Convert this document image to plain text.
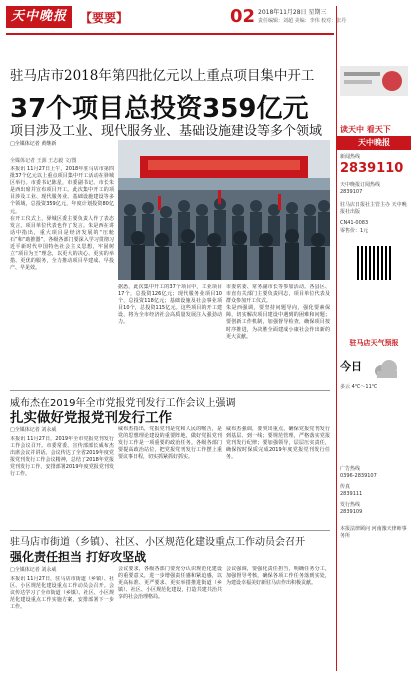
天中晚报	【要要】	02 2018年11月28日 星期三
责任编辑：刘超 美编：李伟 校对：张丹
驻马店市2018年第四批亿元以上重点项目集中开工
37个项目总投资359亿元
项目涉及工业、现代服务业、基础设施建设等多个领域
□全媒体记者 黄继新
全媒体记者 王源 王志毅 文/图

本报讯 11月27日上午，2018年驻马店市第四批37个亿元以上重点项目集中开工活动在驿城区举行。市委书记陈星，市委副书记、市长朱是西出席并宣布项目开工。此次集中开工的项目涉及工业、现代服务业、基础设施建设等多个领域，总投资359亿元，年度计划投资80亿元。

在开工仪式上，驿城区委主要负责人作了表态发言，项目单位代表也作了发言。朱是西在讲话中指出，重大项目是经济发展的“压舱石”和“助推器”，各级各部门要深入学习贯彻习近平新时代中国特色社会主义思想，牢固树立“项目为王”理念，以更大的决心、更实的举措、更优的服务，全力推动项目早建成、早投产、早见效。

据悉，此次集中开工的37个项目中，工业项目17个，总投资126亿元；现代服务业项目10个，总投资118亿元；基础设施及社会事业项目10个，总投资115亿元。这些项目的开工建设，将为全市经济社会高质量发展注入强劲动力。

市委常委、常务副市长等参加活动。各县区、市直有关部门主要负责同志，项目单位代表及群众参加开工仪式。

朱是西强调，要坚持问题导向，强化要素保障，切实解决项目建设中遇到的困难和问题；要创新工作机制，加强督导检查，确保项目按时序推进，为决胜全面建成小康社会作出新的更大贡献。

威布杰在2019年全市党报党刊发行工作会议上强调
扎实做好党报党刊发行工作
□全媒体记者 刘永威

本报讯 11月27日，2019年全市党报党刊发行工作会议召开。市委常委、宣传部部长威布杰出席会议并讲话。会议传达了全省2019年度党报党刊发行工作会议精神，总结了2018年党报党刊发行工作，安排部署2019年度党报党刊发行工作。

威布杰指出，党报党刊是党和人民的喉舌，是党的思想理论建设的重要阵地，做好党报党刊发行工作是一项重要的政治任务。各级各部门要提高政治站位，把党报党刊发行工作摆上重要议事日程，切实抓紧抓好抓实。

威布杰强调，要突出重点，确保党报党刊发行到基层、到一线；要规范管理，严格落实党报党刊发行纪律；要加强领导，层层压实责任，确保按时保质完成2019年度党报党刊发行任务。

驻马店市街道（乡镇）、社区、小区规范化建设重点工作动员会召开
强化责任担当 打好攻坚战
□全媒体记者 刘永威

本报讯 11月27日，驻马店市街道（乡镇）、社区、小区规范化建设重点工作动员会召开。会议传达学习了全市街道（乡镇）、社区、小区规范化建设重点工作实施方案，安排部署下一步工作。

会议要求，各级各部门要充分认识规范化建设的重要意义，进一步增强责任感和紧迫感，以更高标准、更严要求、更实举措推进街道（乡镇）、社区、小区规范化建设，打造共建共治共享的社会治理格局。

会议强调，要强化责任担当，明确任务分工，加强督导考核，确保各项工作任务落到实处，为建设幸福美好新驻马店作出积极贡献。

读天中 看天下
天中晚报
新闻热线
2839110
天中晚报订阅热线
2839107
驻马店日报社主管主办 天中晚报社出版
CN41-0083
零售价：1元
驻马店天气预报
今日
多云 4℃～11℃
广告热线
0396-2839107
传真
2839111
发行热线
2839109
本报法律顾问 河南豫天律师事务所
